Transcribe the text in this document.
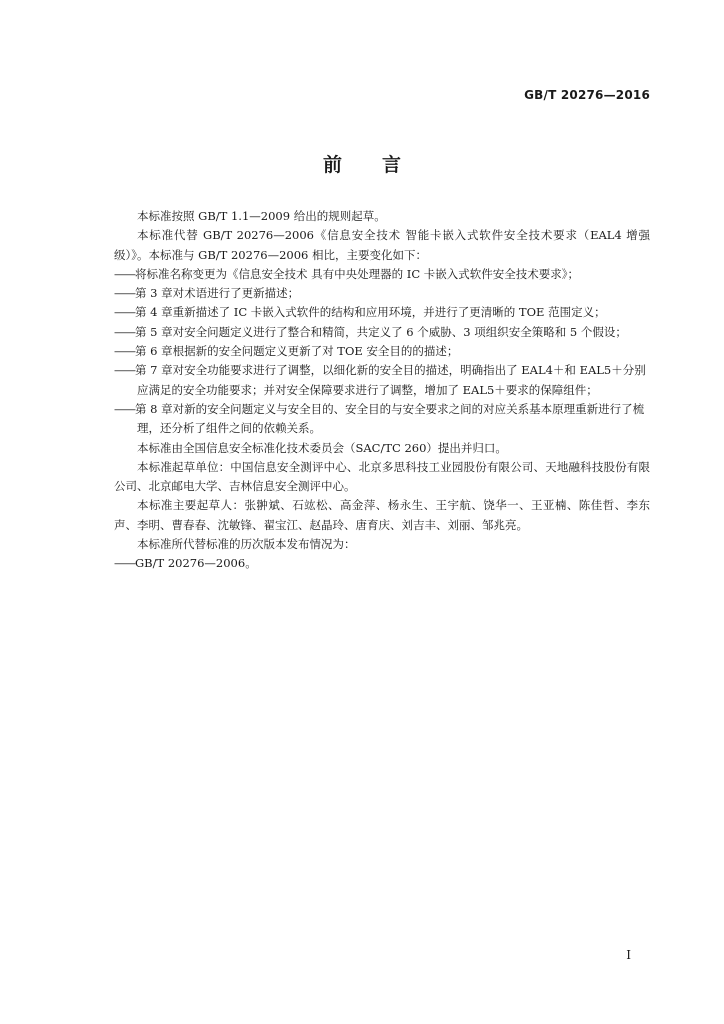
GB/T 20276—2016
前 言

本标准按照 GB/T 1.1—2009 给出的规则起草。

本标准代替 GB/T 20276—2006《信息安全技术 智能卡嵌入式软件安全技术要求（EAL4 增强级）》。本标准与 GB/T 20276—2006 相比，主要变化如下：

——将标准名称变更为《信息安全技术 具有中央处理器的 IC 卡嵌入式软件安全技术要求》；

——第 3 章对术语进行了更新描述；

——第 4 章重新描述了 IC 卡嵌入式软件的结构和应用环境，并进行了更清晰的 TOE 范围定义；

——第 5 章对安全问题定义进行了整合和精简，共定义了 6 个威胁、3 项组织安全策略和 5 个假设；

——第 6 章根据新的安全问题定义更新了对 TOE 安全目的的描述；

——第 7 章对安全功能要求进行了调整，以细化新的安全目的描述，明确指出了 EAL4＋和 EAL5＋分别应满足的安全功能要求；并对安全保障要求进行了调整，增加了 EAL5＋要求的保障组件；

——第 8 章对新的安全问题定义与安全目的、安全目的与安全要求之间的对应关系基本原理重新进行了梳理，还分析了组件之间的依赖关系。

本标准由全国信息安全标准化技术委员会（SAC/TC 260）提出并归口。

本标准起草单位：中国信息安全测评中心、北京多思科技工业园股份有限公司、天地融科技股份有限公司、北京邮电大学、吉林信息安全测评中心。

本标准主要起草人：张翀斌、石竑松、高金萍、杨永生、王宇航、饶华一、王亚楠、陈佳哲、李东声、李明、曹春春、沈敏锋、翟宝江、赵晶玲、唐育庆、刘吉丰、刘丽、邹兆亮。

本标准所代替标准的历次版本发布情况为：

——GB/T 20276—2006。

I
